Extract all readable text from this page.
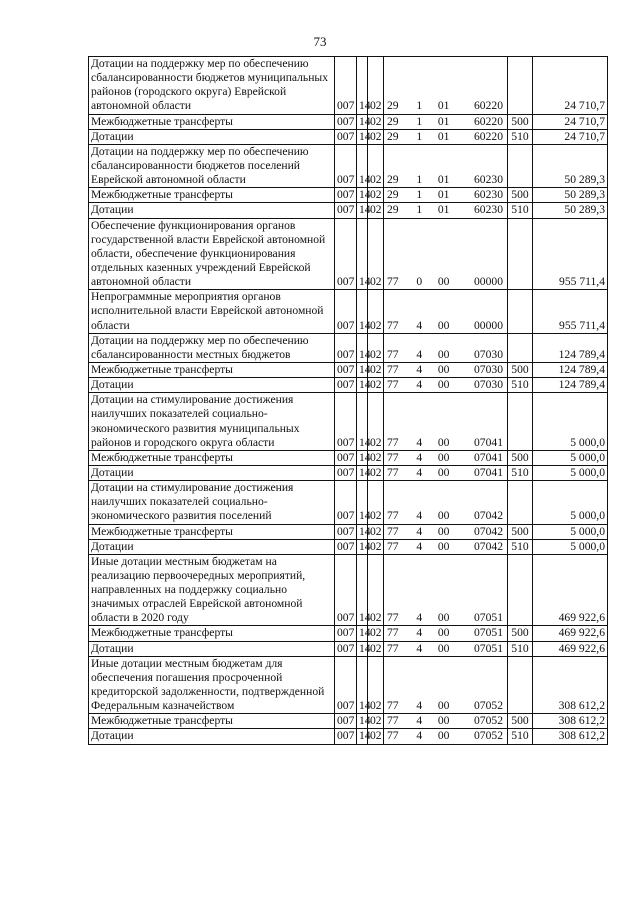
73
Дотации на поддержку мер по обеспечению сбалансированности бюджетов муниципальных районов (городского округа) Еврейской автономной области	007	14	02	29 1 01 60220		24 710,7
Межбюджетные трансферты	007	14	02	29 1 01 60220	500	24 710,7
Дотации	007	14	02	29 1 01 60220	510	24 710,7
Дотации на поддержку мер по обеспечению сбалансированности бюджетов поселений Еврейской автономной области	007	14	02	29 1 01 60230		50 289,3
Межбюджетные трансферты	007	14	02	29 1 01 60230	500	50 289,3
Дотации	007	14	02	29 1 01 60230	510	50 289,3
Обеспечение функционирования органов государственной власти Еврейской автономной области, обеспечение функционирования отдельных казенных учреждений Еврейской автономной области	007	14	02	77 0 00 00000		955 711,4
Непрограммные мероприятия органов исполнительной власти Еврейской автономной области	007	14	02	77 4 00 00000		955 711,4
Дотации на поддержку мер по обеспечению сбалансированности местных бюджетов	007	14	02	77 4 00 07030		124 789,4
Межбюджетные трансферты	007	14	02	77 4 00 07030	500	124 789,4
Дотации	007	14	02	77 4 00 07030	510	124 789,4
Дотации на стимулирование достижения наилучших показателей социально-экономического развития муниципальных районов и городского округа области	007	14	02	77 4 00 07041		5 000,0
Межбюджетные трансферты	007	14	02	77 4 00 07041	500	5 000,0
Дотации	007	14	02	77 4 00 07041	510	5 000,0
Дотации на стимулирование достижения наилучших показателей социально-экономического развития поселений	007	14	02	77 4 00 07042		5 000,0
Межбюджетные трансферты	007	14	02	77 4 00 07042	500	5 000,0
Дотации	007	14	02	77 4 00 07042	510	5 000,0
Иные дотации местным бюджетам на реализацию первоочередных мероприятий, направленных на поддержку социально значимых отраслей Еврейской автономной области в 2020 году	007	14	02	77 4 00 07051		469 922,6
Межбюджетные трансферты	007	14	02	77 4 00 07051	500	469 922,6
Дотации	007	14	02	77 4 00 07051	510	469 922,6
Иные дотации местным бюджетам для обеспечения погашения просроченной кредиторской задолженности, подтвержденной Федеральным казначейством	007	14	02	77 4 00 07052		308 612,2
Межбюджетные трансферты	007	14	02	77 4 00 07052	500	308 612,2
Дотации	007	14	02	77 4 00 07052	510	308 612,2
